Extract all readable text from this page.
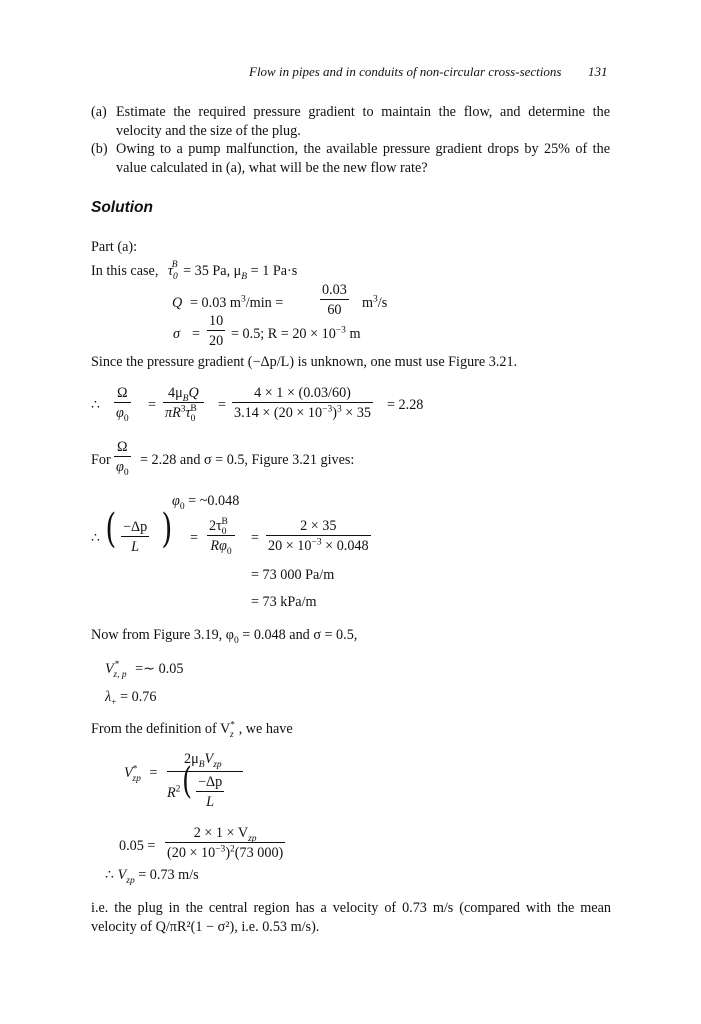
Flow in pipes and in conduits of non-circular cross-sections 131
(a) Estimate the required pressure gradient to maintain the flow, and determine the velocity and the size of the plug.
(b) Owing to a pump malfunction, the available pressure gradient drops by 25% of the value calculated in (a), what will be the new flow rate?
Solution
Part (a):
In this case, $\tau_0^B = 35$ Pa, $\mu_B = 1$ Pa·s
Q = 0.03 $m^3/\min$ =	$\frac{0.03}{60} m^3/s$
$\sigma = \frac{10}{20} = 0.5$; $R = 20 \times 10^{-3}$ m
Since the pressure gradient (−Δp/L) is unknown, one must use Figure 3.21.
∴ $\frac{\Omega}{\varphi_0}$ =
$4\mu_BQ$
$\pi R^3\tau_0^B$	= $\frac{4 \times 1 \times (0.03/60)}{3.14 \times (20 \times 10^{-3})^3 \times 35} = 2.28$
For $\frac{\Omega}{\varphi_0} = 2.28$ and σ = 0.5, Figure 3.21 gives:
$\varphi_0$ = ~0.048
∴ ( $\frac{-\Delta p}{L}$ ) = $\frac{2\tau_0^B}{R\varphi_0} = \frac{2 \times 35}{20 \times 10^{-3} \times 0.048}$
= 73 000 Pa/m
= 73 kPa/m
Now from Figure 3.19, $\varphi_0 = 0.048$ and σ = 0.5,
$V^*_{z, p}$ =∼ 0.05
$\lambda_+ = 0.76$
From the definition of $V^*_z$ , we have
$V^*_{zp}$ =
$2\mu_BV_{zp}$
$R^2$ ( $\frac{-\Delta p}{L}$
0.05 =
$2 \times 1 \times V_{zp}$
$(20 \times 10^{-3})^2(73$ 000)
∴ $V_{zp} = 0.73$ m/s
i.e. the plug in the central region has a velocity of 0.73 m/s (compared with the mean velocity of Q/πR²(1 − σ²), i.e. 0.53 m/s).
